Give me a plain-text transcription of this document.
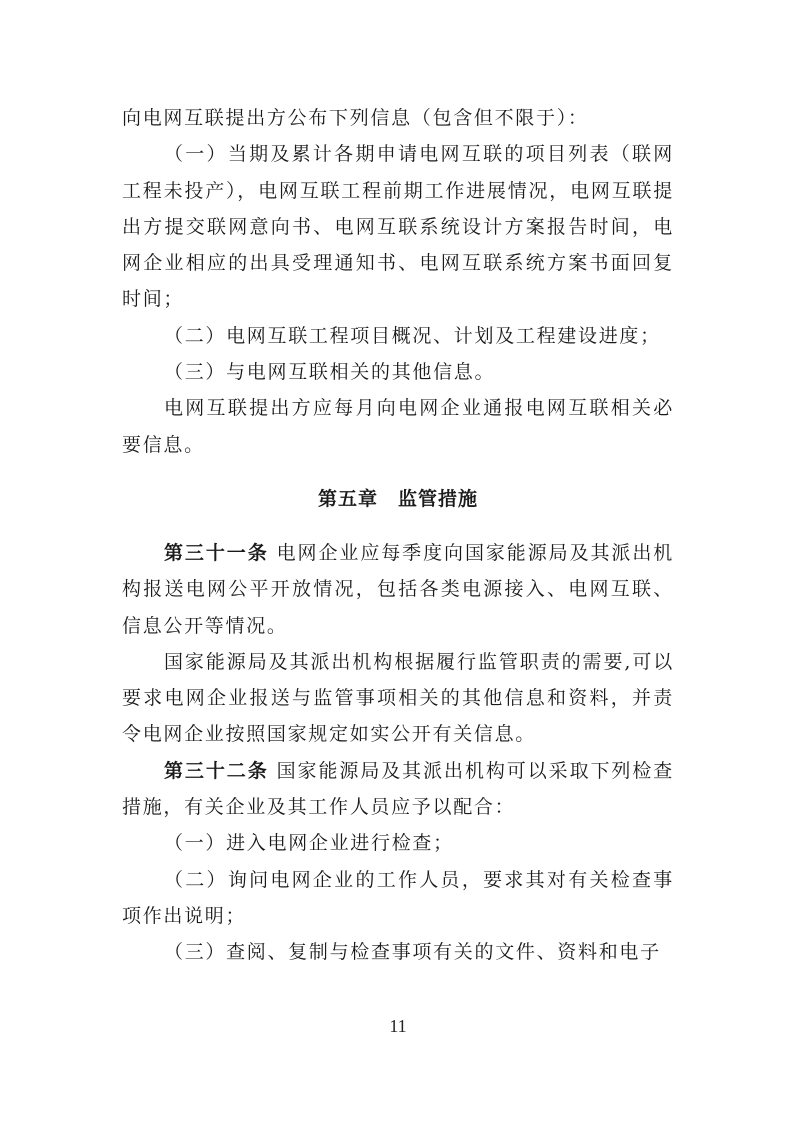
向电网互联提出方公布下列信息（包含但不限于）：

（一）当期及累计各期申请电网互联的项目列表（联网工程未投产），电网互联工程前期工作进展情况，电网互联提出方提交联网意向书、电网互联系统设计方案报告时间，电网企业相应的出具受理通知书、电网互联系统方案书面回复时间；

（二）电网互联工程项目概况、计划及工程建设进度；

（三）与电网互联相关的其他信息。

电网互联提出方应每月向电网企业通报电网互联相关必要信息。

第五章 监管措施

第三十一条 电网企业应每季度向国家能源局及其派出机构报送电网公平开放情况，包括各类电源接入、电网互联、信息公开等情况。

国家能源局及其派出机构根据履行监管职责的需要,可以要求电网企业报送与监管事项相关的其他信息和资料，并责令电网企业按照国家规定如实公开有关信息。

第三十二条 国家能源局及其派出机构可以采取下列检查措施，有关企业及其工作人员应予以配合：

（一）进入电网企业进行检查；

（二）询问电网企业的工作人员，要求其对有关检查事项作出说明；

（三）查阅、复制与检查事项有关的文件、资料和电子

11
